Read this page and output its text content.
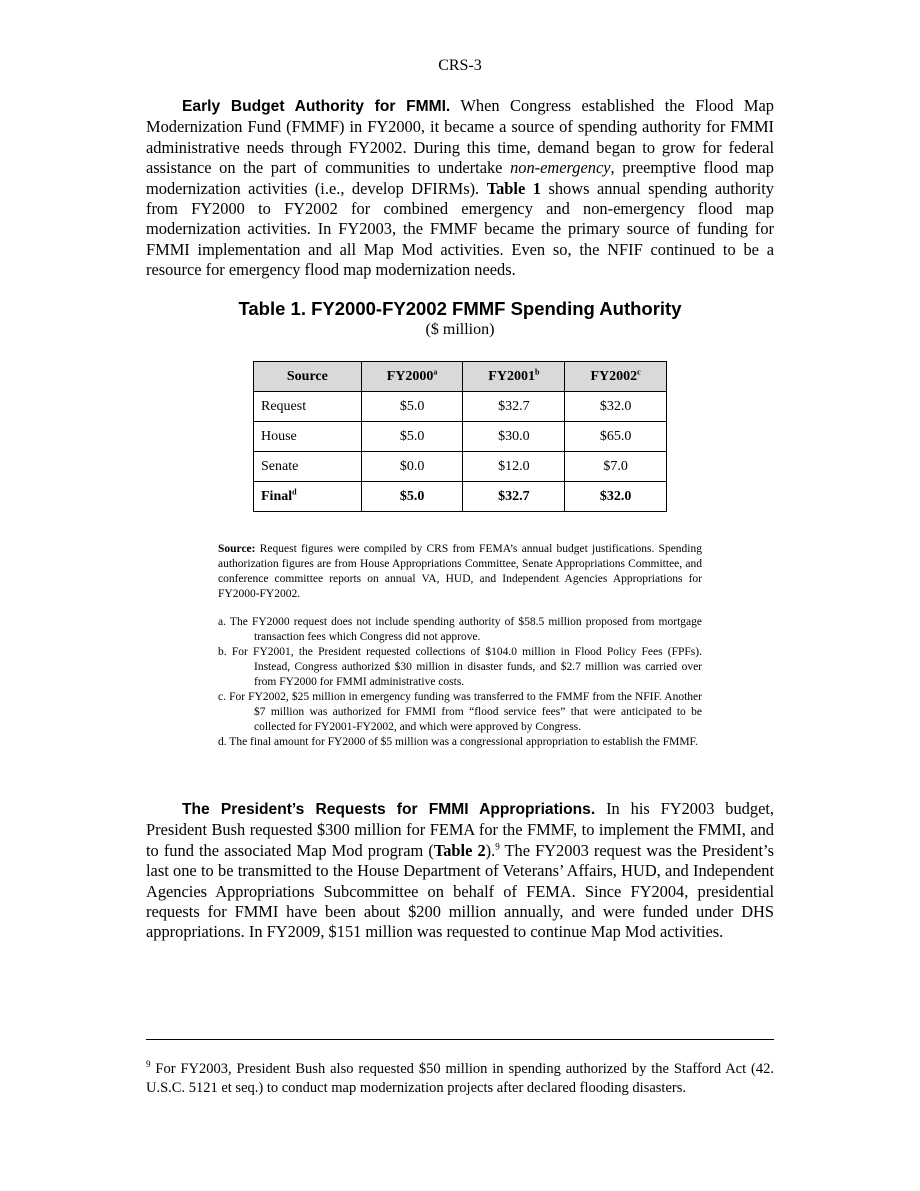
CRS-3

Early Budget Authority for FMMI. When Congress established the Flood Map Modernization Fund (FMMF) in FY2000, it became a source of spending authority for FMMI administrative needs through FY2002. During this time, demand began to grow for federal assistance on the part of communities to undertake non-emergency, preemptive flood map modernization activities (i.e., develop DFIRMs). Table 1 shows annual spending authority from FY2000 to FY2002 for combined emergency and non-emergency flood map modernization activities. In FY2003, the FMMF became the primary source of funding for FMMI implementation and all Map Mod activities. Even so, the NFIF continued to be a resource for emergency flood map modernization needs.

Table 1. FY2000-FY2002 FMMF Spending Authority
($ million)
Source	FY2000$^a$	FY2001$^b$	FY2002$^c$
Request	$5.0	$32.7	$32.0
House	$5.0	$30.0	$65.0
Senate	$0.0	$12.0	$7.0
Final$^d$	$5.0	$32.7	$32.0

Source: Request figures were compiled by CRS from FEMA’s annual budget justifications. Spending authorization figures are from House Appropriations Committee, Senate Appropriations Committee, and conference committee reports on annual VA, HUD, and Independent Agencies Appropriations for FY2000-FY2002.

a. The FY2000 request does not include spending authority of $58.5 million proposed from mortgage transaction fees which Congress did not approve.
b. For FY2001, the President requested collections of $104.0 million in Flood Policy Fees (FPFs). Instead, Congress authorized $30 million in disaster funds, and $2.7 million was carried over from FY2000 for FMMI administrative costs.
c. For FY2002, $25 million in emergency funding was transferred to the FMMF from the NFIF. Another $7 million was authorized for FMMI from “flood service fees” that were anticipated to be collected for FY2001-FY2002, and which were approved by Congress.
d. The final amount for FY2000 of $5 million was a congressional appropriation to establish the FMMF.

The President’s Requests for FMMI Appropriations. In his FY2003 budget, President Bush requested $300 million for FEMA for the FMMF, to implement the FMMI, and to fund the associated Map Mod program (Table 2).$^9$ The FY2003 request was the President’s last one to be transmitted to the House Department of Veterans’ Affairs, HUD, and Independent Agencies Appropriations Subcommittee on behalf of FEMA. Since FY2004, presidential requests for FMMI have been about $200 million annually, and were funded under DHS appropriations. In FY2009, $151 million was requested to continue Map Mod activities.

$^9$ For FY2003, President Bush also requested $50 million in spending authorized by the Stafford Act (42. U.S.C. 5121 et seq.) to conduct map modernization projects after declared flooding disasters.
